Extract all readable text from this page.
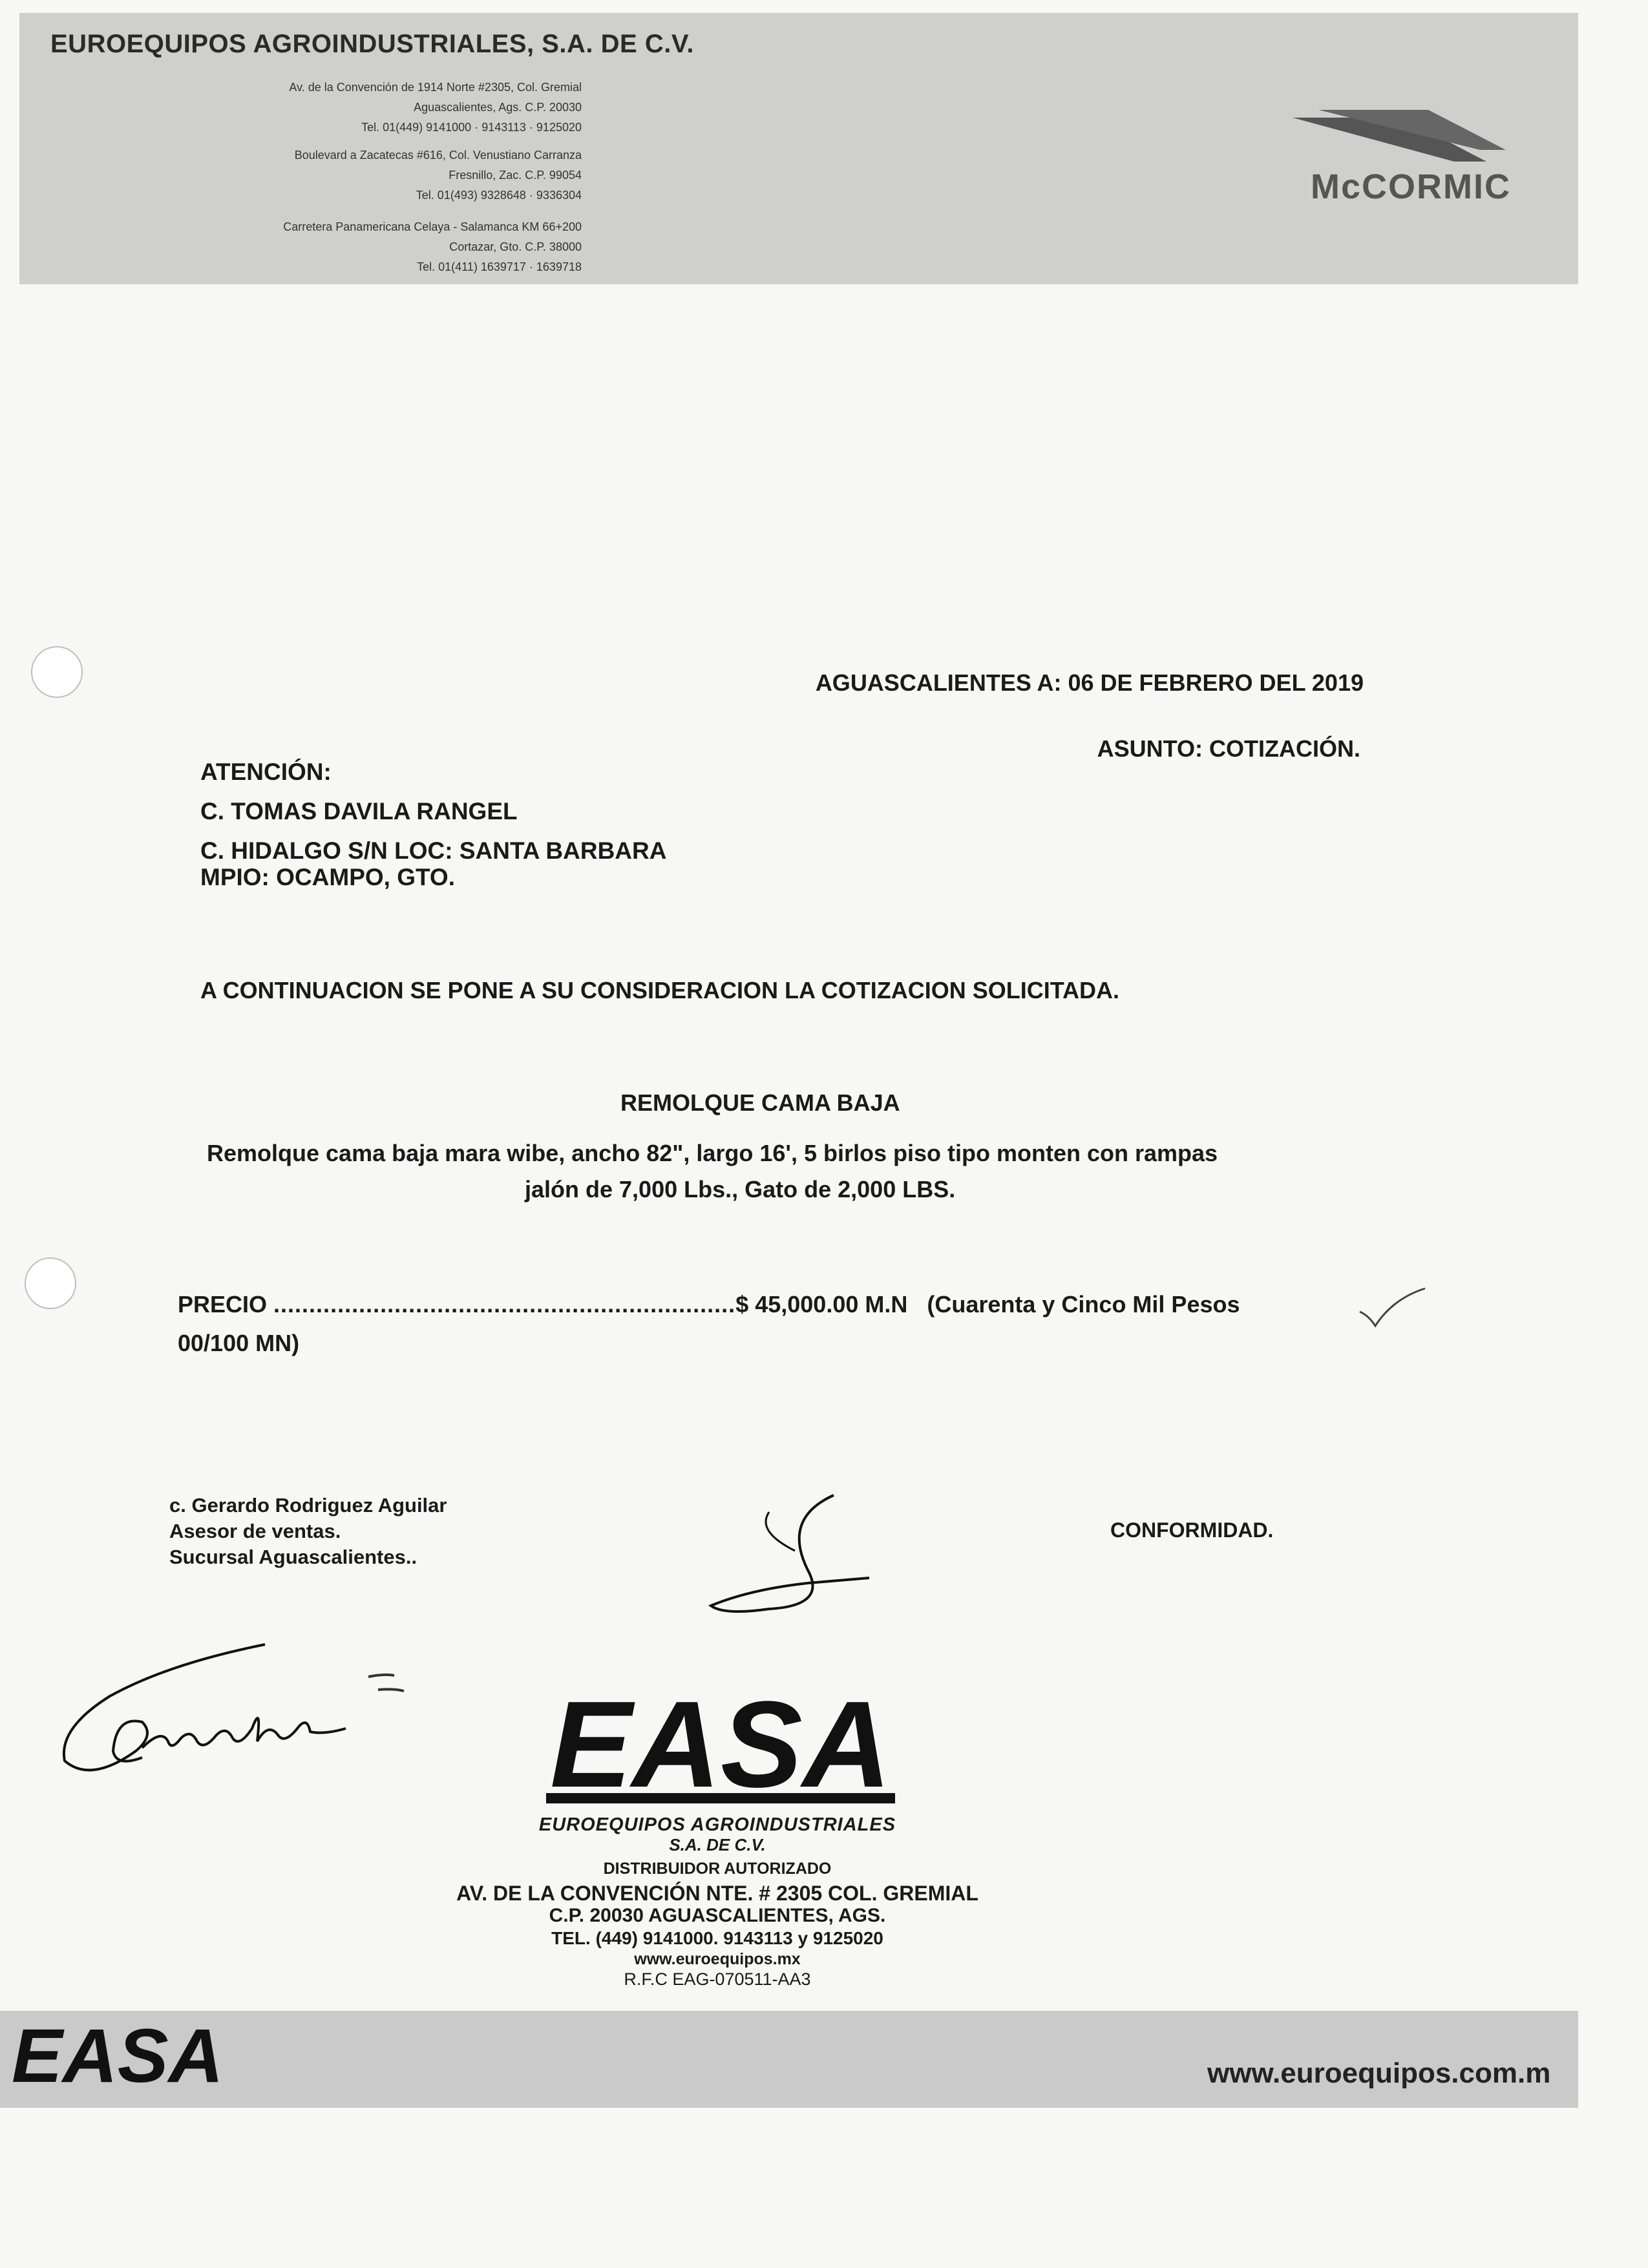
EUROEQUIPOS AGROINDUSTRIALES, S.A. DE C.V.
Av. de la Convención de 1914 Norte #2305, Col. Gremial
Aguascalientes, Ags. C.P. 20030
Tel. 01(449) 9141000 · 9143113 · 9125020
Boulevard a Zacatecas #616, Col. Venustiano Carranza
Fresnillo, Zac. C.P. 99054
Tel. 01(493) 9328648 · 9336304
Carretera Panamericana Celaya - Salamanca KM 66+200
Cortazar, Gto. C.P. 38000
Tel. 01(411) 1639717 · 1639718
McCORMIC
AGUASCALIENTES A: 06 DE FEBRERO DEL 2019
ASUNTO: COTIZACIÓN.
ATENCIÓN:
C. TOMAS DAVILA RANGEL
C. HIDALGO S/N LOC: SANTA BARBARA
MPIO: OCAMPO, GTO.
A CONTINUACION SE PONE A SU CONSIDERACION LA COTIZACION SOLICITADA.
REMOLQUE CAMA BAJA
Remolque cama baja mara wibe, ancho 82", largo 16', 5 birlos piso tipo monten con rampas
jalón de 7,000 Lbs., Gato de 2,000 LBS.
PRECIO .................................................................$ 45,000.00 M.N (Cuarenta y Cinco Mil Pesos
00/100 MN)
c. Gerardo Rodriguez Aguilar
Asesor de ventas.
Sucursal Aguascalientes..
CONFORMIDAD.
EASA
EUROEQUIPOS AGROINDUSTRIALES
S.A. DE C.V.
DISTRIBUIDOR AUTORIZADO
AV. DE LA CONVENCIÓN NTE. # 2305 COL. GREMIAL
C.P. 20030 AGUASCALIENTES, AGS.
TEL. (449) 9141000. 9143113 y 9125020
www.euroequipos.mx
R.F.C EAG-070511-AA3
EASA	www.euroequipos.com.m
